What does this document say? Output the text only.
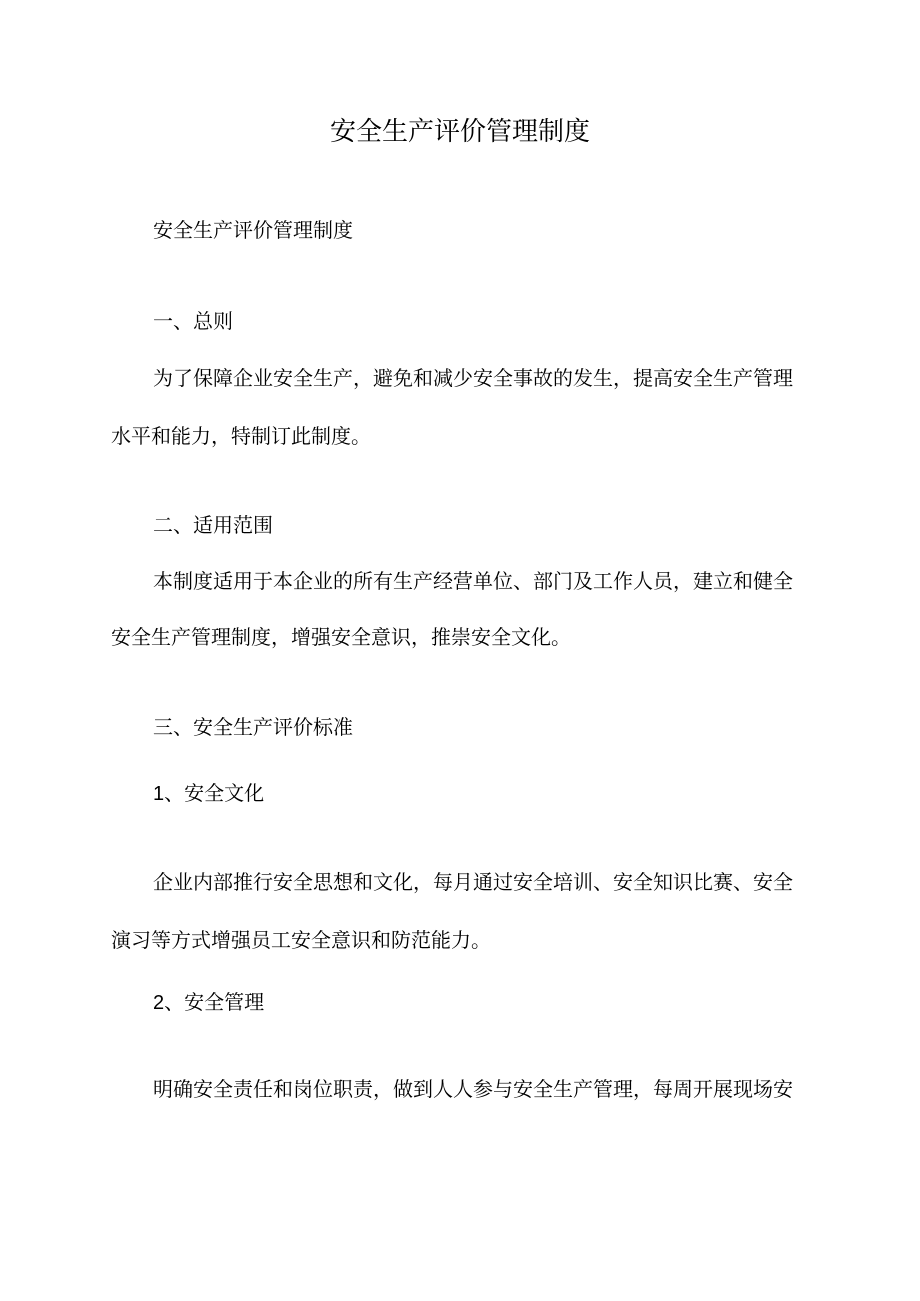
安全生产评价管理制度
安全生产评价管理制度
一、总则
为了保障企业安全生产，避免和减少安全事故的发生，提高安全生产管理
水平和能力，特制订此制度。
二、适用范围
本制度适用于本企业的所有生产经营单位、部门及工作人员，建立和健全
安全生产管理制度，增强安全意识，推崇安全文化。
三、安全生产评价标准
1、安全文化
企业内部推行安全思想和文化，每月通过安全培训、安全知识比赛、安全
演习等方式增强员工安全意识和防范能力。
2、安全管理
明确安全责任和岗位职责，做到人人参与安全生产管理，每周开展现场安
